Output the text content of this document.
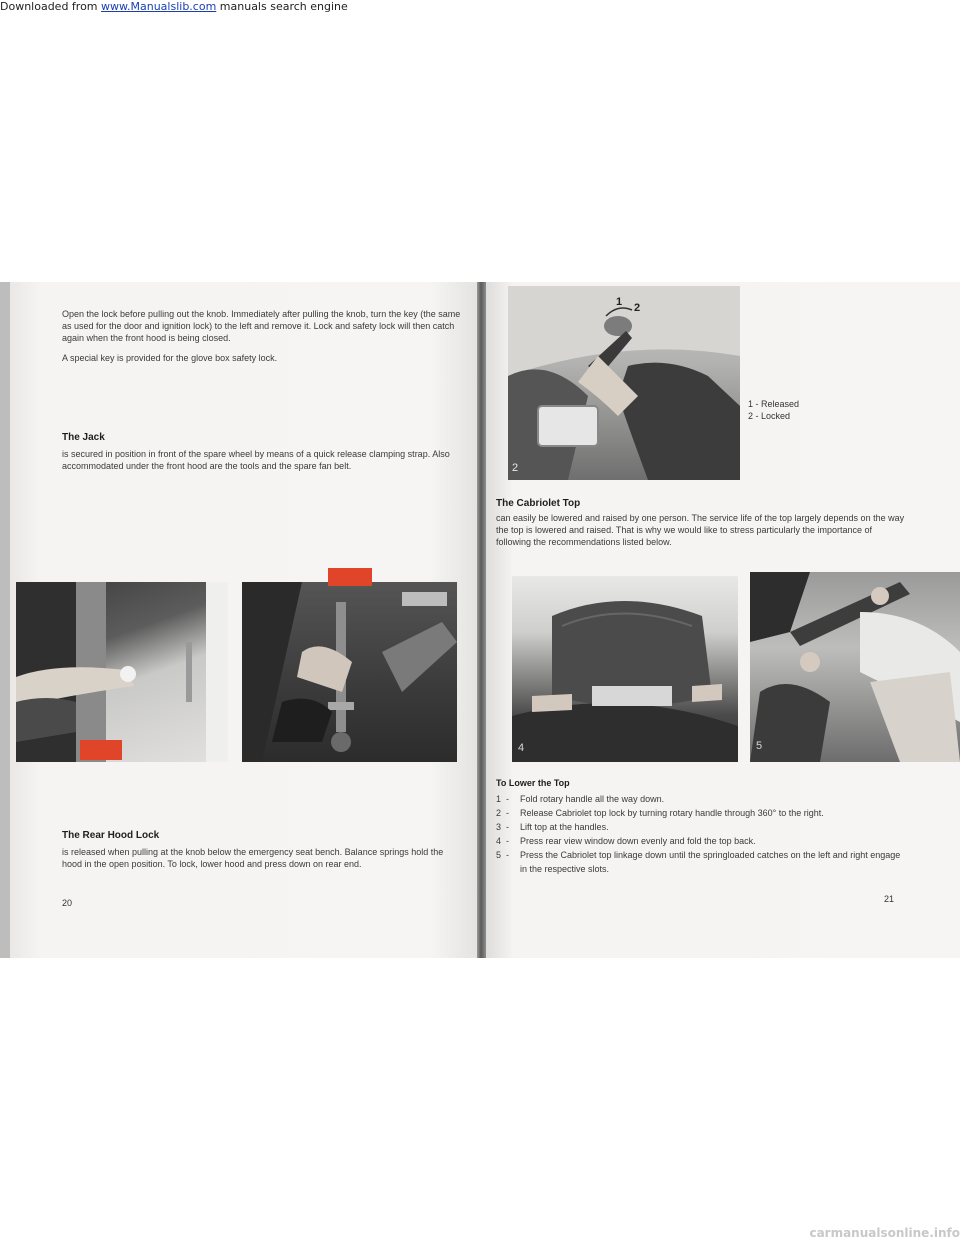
Downloaded from www.Manualslib.com manuals search engine

Open the lock before pulling out the knob. Immediately after pulling the knob, turn the key (the same as used for the door and ignition lock) to the left and remove it. Lock and safety lock will then catch again when the front hood is being closed.

A special key is provided for the glove box safety lock.

The Jack

is secured in position in front of the spare wheel by means of a quick release clamping strap. Also accommodated under the front hood are the tools and the spare fan belt.

The Rear Hood Lock

is released when pulling at the knob below the emergency seat bench. Balance springs hold the hood in the open position. To lock, lower hood and press down on rear end.

20
1 2
2
1 - Released
2 - Locked

The Cabriolet Top

can easily be lowered and raised by one person. The service life of the top largely depends on the way the top is lowered and raised. That is why we would like to stress particularly the importance of following the recommendations listed below.

4	5

To Lower the Top

1 -	Fold rotary handle all the way down.
2 -	Release Cabriolet top lock by turning rotary handle through 360° to the right.
3 -	Lift top at the handles.
4 -	Press rear view window down evenly and fold the top back.
5 -	Press the Cabriolet top linkage down until the springloaded catches on the left and right engage in the respective slots.
21
carmanualsonline.info
